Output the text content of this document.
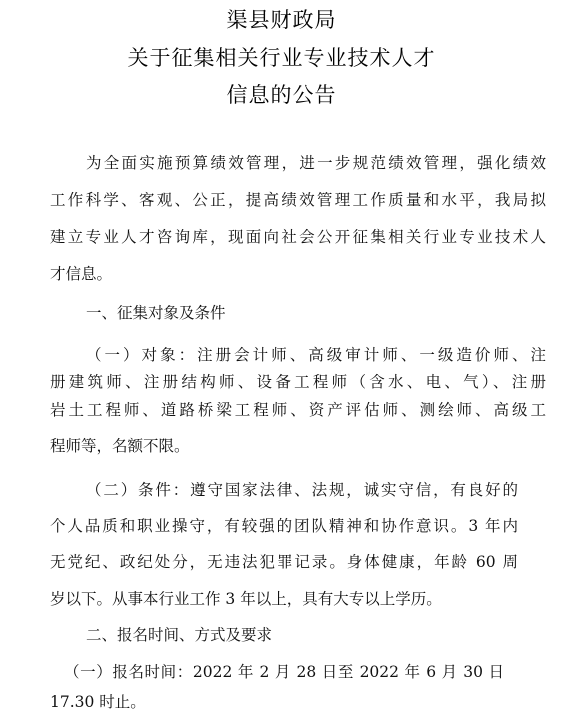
渠县财政局
关于征集相关行业专业技术人才
信息的公告
为全面实施预算绩效管理，进一步规范绩效管理，强化绩效
工作科学、客观、公正，提高绩效管理工作质量和水平，我局拟
建立专业人才咨询库，现面向社会公开征集相关行业专业技术人
才信息。
一、征集对象及条件
（一）对象：注册会计师、高级审计师、一级造价师、注
册建筑师、注册结构师、设备工程师（含水、电、气）、注册
岩土工程师、道路桥梁工程师、资产评估师、测绘师、高级工
程师等，名额不限。
（二）条件：遵守国家法律、法规，诚实守信，有良好的
个人品质和职业操守，有较强的团队精神和协作意识。3 年内
无党纪、政纪处分，无违法犯罪记录。身体健康，年龄 60 周
岁以下。从事本行业工作 3 年以上，具有大专以上学历。
二、报名时间、方式及要求
（一）报名时间：2022 年 2 月 28 日至 2022 年 6 月 30 日
17.30 时止。
